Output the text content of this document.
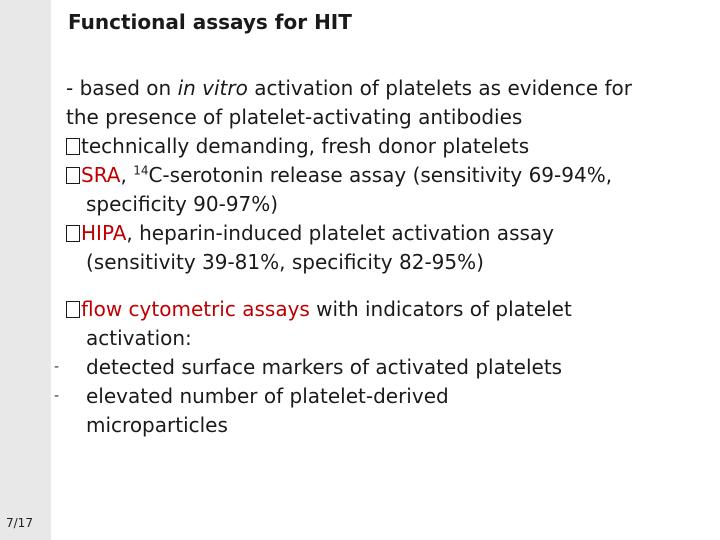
7/17
Functional assays for HIT
- based on in vitro activation of platelets as evidence for
the presence of platelet-activating antibodies
technically demanding, fresh donor platelets
SRA, $^{14}$C-serotonin release assay (sensitivity 69-94%,
specificity 90-97%)
HIPA, heparin-induced platelet activation assay
(sensitivity 39-81%, specificity 82-95%)
flow cytometric assays with indicators of platelet
activation:
- detected surface markers of activated platelets
- elevated number of platelet-derived
microparticles
